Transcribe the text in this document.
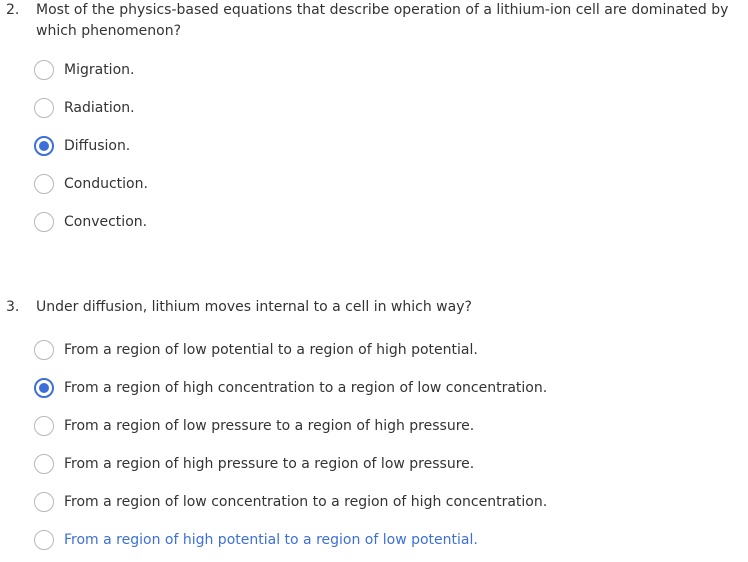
2. Most of the physics-based equations that describe operation of a lithium-ion cell are dominated by which phenomenon?
Migration.
Radiation.
Diffusion.
Conduction.
Convection.
3. Under diffusion, lithium moves internal to a cell in which way?
From a region of low potential to a region of high potential.
From a region of high concentration to a region of low concentration.
From a region of low pressure to a region of high pressure.
From a region of high pressure to a region of low pressure.
From a region of low concentration to a region of high concentration.
From a region of high potential to a region of low potential.
